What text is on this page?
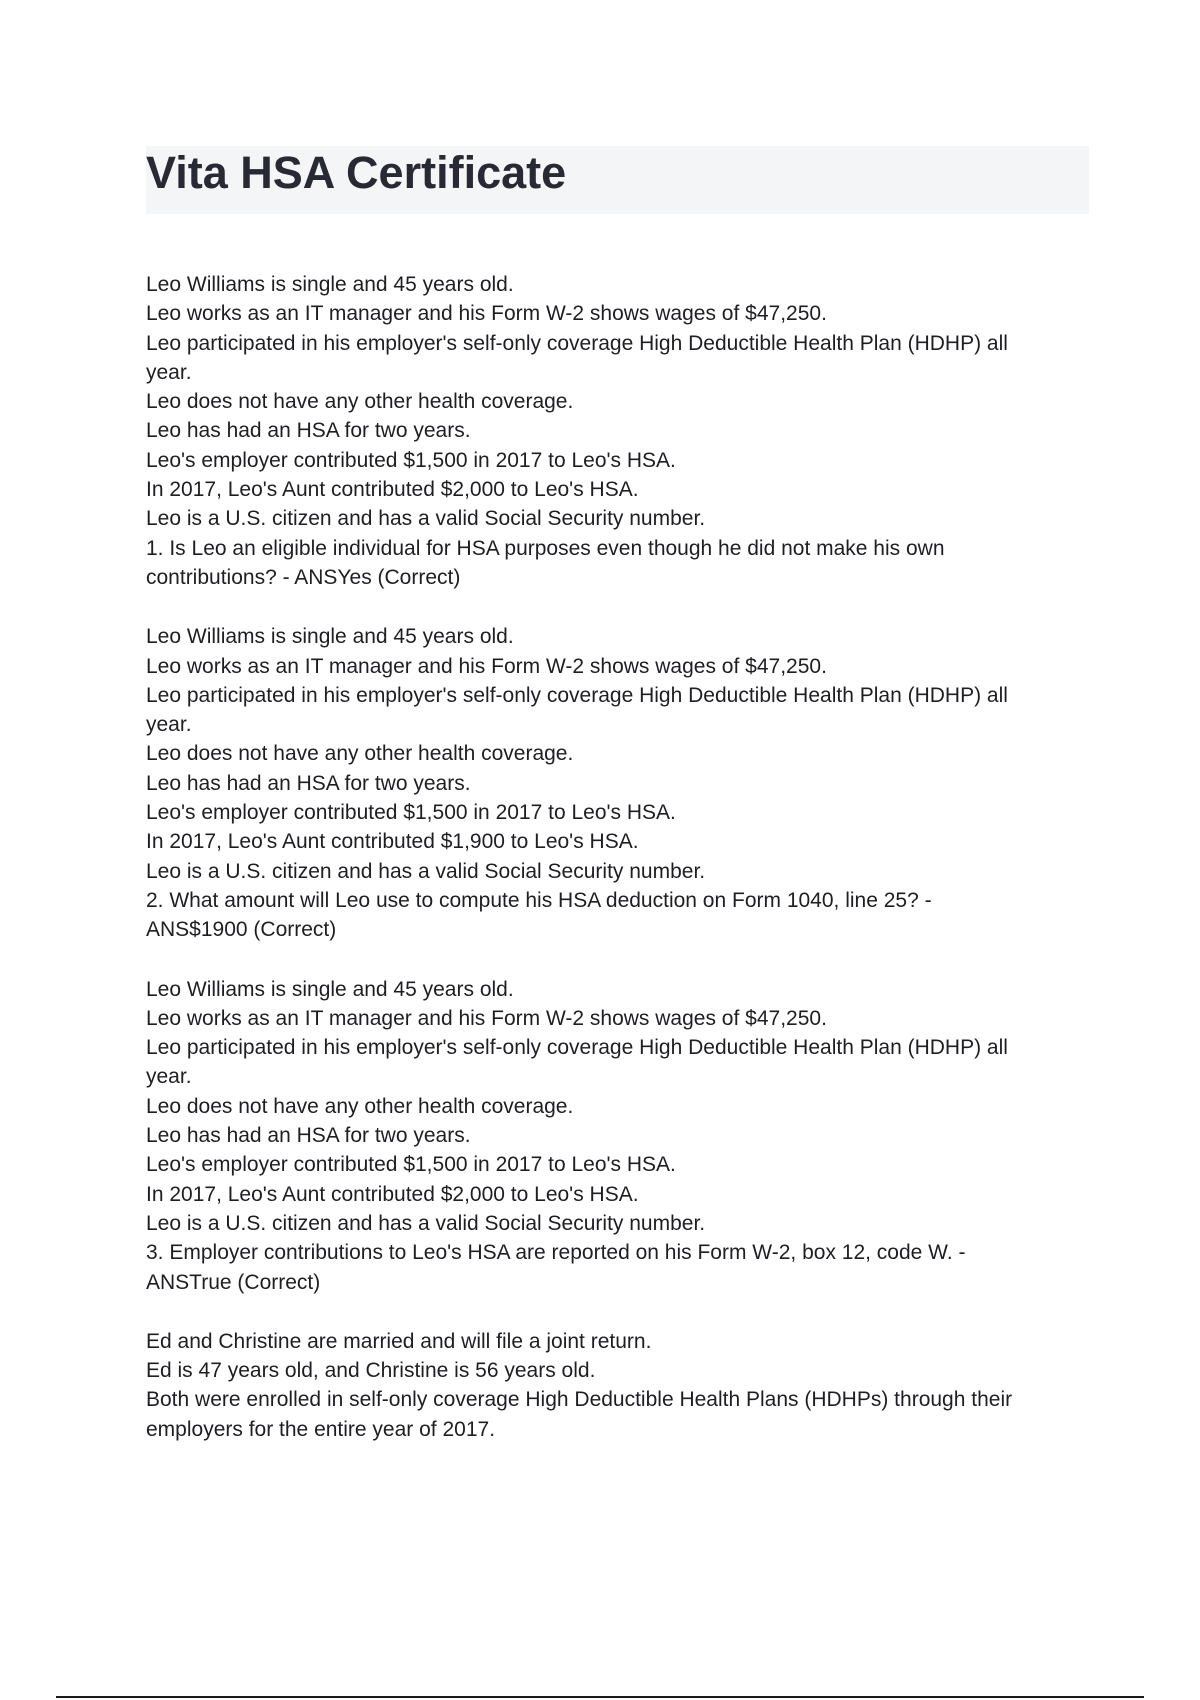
Vita HSA Certificate
Leo Williams is single and 45 years old.
Leo works as an IT manager and his Form W-2 shows wages of $47,250.
Leo participated in his employer's self-only coverage High Deductible Health Plan (HDHP) all
year.
Leo does not have any other health coverage.
Leo has had an HSA for two years.
Leo's employer contributed $1,500 in 2017 to Leo's HSA.
In 2017, Leo's Aunt contributed $2,000 to Leo's HSA.
Leo is a U.S. citizen and has a valid Social Security number.
1. Is Leo an eligible individual for HSA purposes even though he did not make his own
contributions? - ANSYes (Correct)
Leo Williams is single and 45 years old.
Leo works as an IT manager and his Form W-2 shows wages of $47,250.
Leo participated in his employer's self-only coverage High Deductible Health Plan (HDHP) all
year.
Leo does not have any other health coverage.
Leo has had an HSA for two years.
Leo's employer contributed $1,500 in 2017 to Leo's HSA.
In 2017, Leo's Aunt contributed $1,900 to Leo's HSA.
Leo is a U.S. citizen and has a valid Social Security number.
2. What amount will Leo use to compute his HSA deduction on Form 1040, line 25? -
ANS$1900 (Correct)
Leo Williams is single and 45 years old.
Leo works as an IT manager and his Form W-2 shows wages of $47,250.
Leo participated in his employer's self-only coverage High Deductible Health Plan (HDHP) all
year.
Leo does not have any other health coverage.
Leo has had an HSA for two years.
Leo's employer contributed $1,500 in 2017 to Leo's HSA.
In 2017, Leo's Aunt contributed $2,000 to Leo's HSA.
Leo is a U.S. citizen and has a valid Social Security number.
3. Employer contributions to Leo's HSA are reported on his Form W-2, box 12, code W. -
ANSTrue (Correct)
Ed and Christine are married and will file a joint return.
Ed is 47 years old, and Christine is 56 years old.
Both were enrolled in self-only coverage High Deductible Health Plans (HDHPs) through their
employers for the entire year of 2017.
